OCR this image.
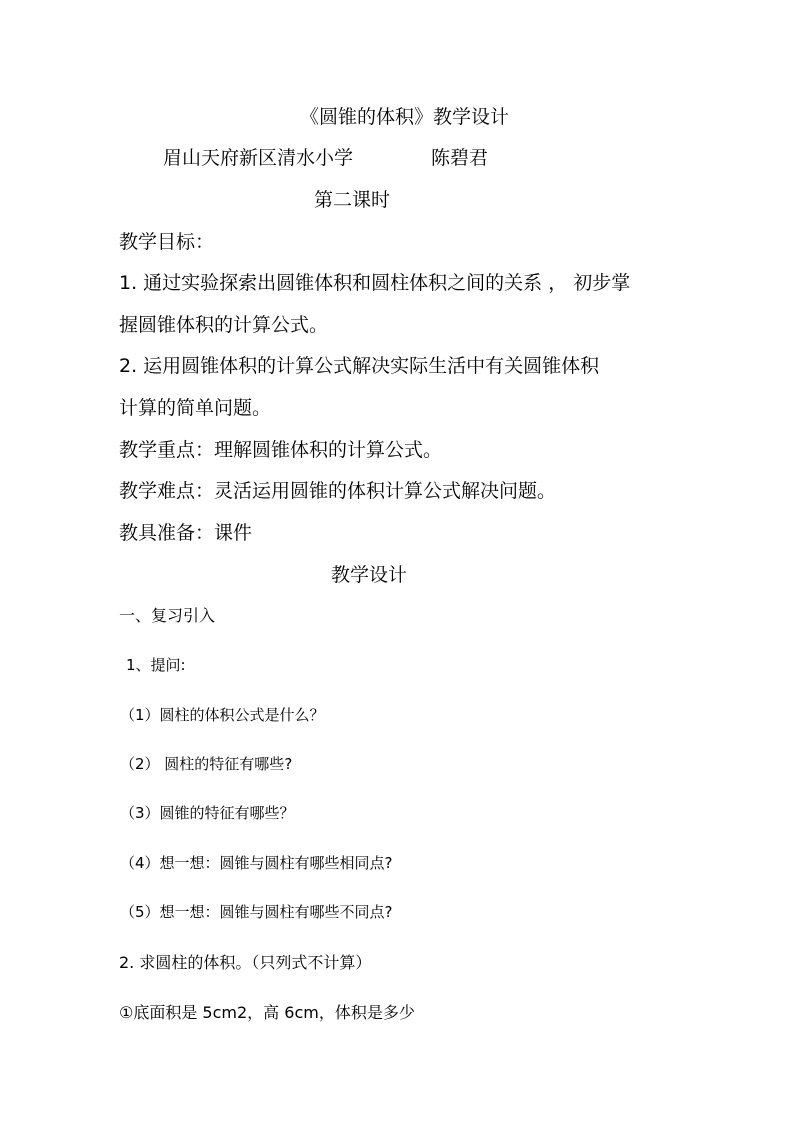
《圆锥的体积》教学设计
眉山天府新区清水小学	陈碧君
第二课时
教学目标：
1. 通过实验探索出圆锥体积和圆柱体积之间的关系 ， 初步掌
握圆锥体积的计算公式。
2. 运用圆锥体积的计算公式解决实际生活中有关圆锥体积
计算的简单问题。
教学重点：理解圆锥体积的计算公式。
教学难点：灵活运用圆锥的体积计算公式解决问题。
教具准备：课件
教学设计
一、复习引入
1、提问:
（1）圆柱的体积公式是什么？
（2） 圆柱的特征有哪些?
（3）圆锥的特征有哪些？
（4）想一想：圆锥与圆柱有哪些相同点?
（5）想一想：圆锥与圆柱有哪些不同点?
2. 求圆柱的体积。（只列式不计算）
①底面积是 5cm2，高 6cm，体积是多少
